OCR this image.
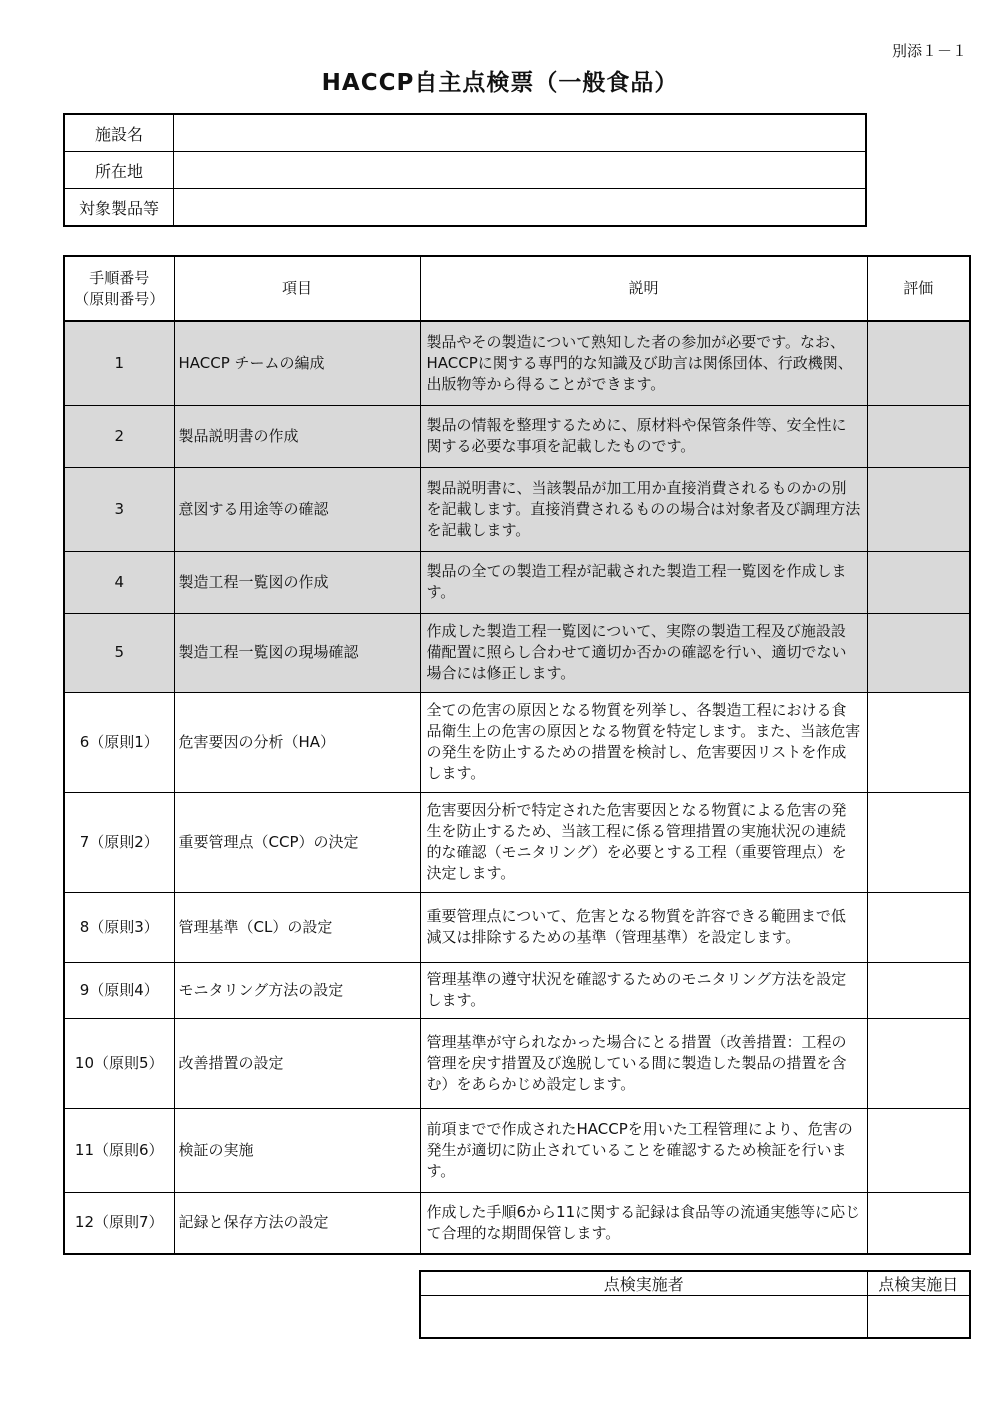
別添１－１
HACCP自主点検票（一般食品）
施設名	
所在地	
対象製品等	
手順番号
（原則番号）	項目	説明	評価
1	HACCP チームの編成	製品やその製造について熟知した者の参加が必要です。なお、HACCPに関する専門的な知識及び助言は関係団体、行政機関、出版物等から得ることができます。	
2	製品説明書の作成	製品の情報を整理するために、原材料や保管条件等、安全性に関する必要な事項を記載したものです。	
3	意図する用途等の確認	製品説明書に、当該製品が加工用か直接消費されるものかの別を記載します。直接消費されるものの場合は対象者及び調理方法を記載します。	
4	製造工程一覧図の作成	製品の全ての製造工程が記載された製造工程一覧図を作成します。	
5	製造工程一覧図の現場確認	作成した製造工程一覧図について、実際の製造工程及び施設設備配置に照らし合わせて適切か否かの確認を行い、適切でない場合には修正します。	
6（原則1）	危害要因の分析（HA）	全ての危害の原因となる物質を列挙し、各製造工程における食品衛生上の危害の原因となる物質を特定します。また、当該危害の発生を防止するための措置を検討し、危害要因リストを作成します。	
7（原則2）	重要管理点（CCP）の決定	危害要因分析で特定された危害要因となる物質による危害の発生を防止するため、当該工程に係る管理措置の実施状況の連続的な確認（モニタリング）を必要とする工程（重要管理点）を決定します。	
8（原則3）	管理基準（CL）の設定	重要管理点について、危害となる物質を許容できる範囲まで低減又は排除するための基準（管理基準）を設定します。	
9（原則4）	モニタリング方法の設定	管理基準の遵守状況を確認するためのモニタリング方法を設定します。	
10（原則5）	改善措置の設定	管理基準が守られなかった場合にとる措置（改善措置：工程の管理を戻す措置及び逸脱している間に製造した製品の措置を含む）をあらかじめ設定します。	
11（原則6）	検証の実施	前項までで作成されたHACCPを用いた工程管理により、危害の発生が適切に防止されていることを確認するため検証を行います。	
12（原則7）	記録と保存方法の設定	作成した手順6から11に関する記録は食品等の流通実態等に応じて合理的な期間保管します。	
点検実施者	点検実施日
